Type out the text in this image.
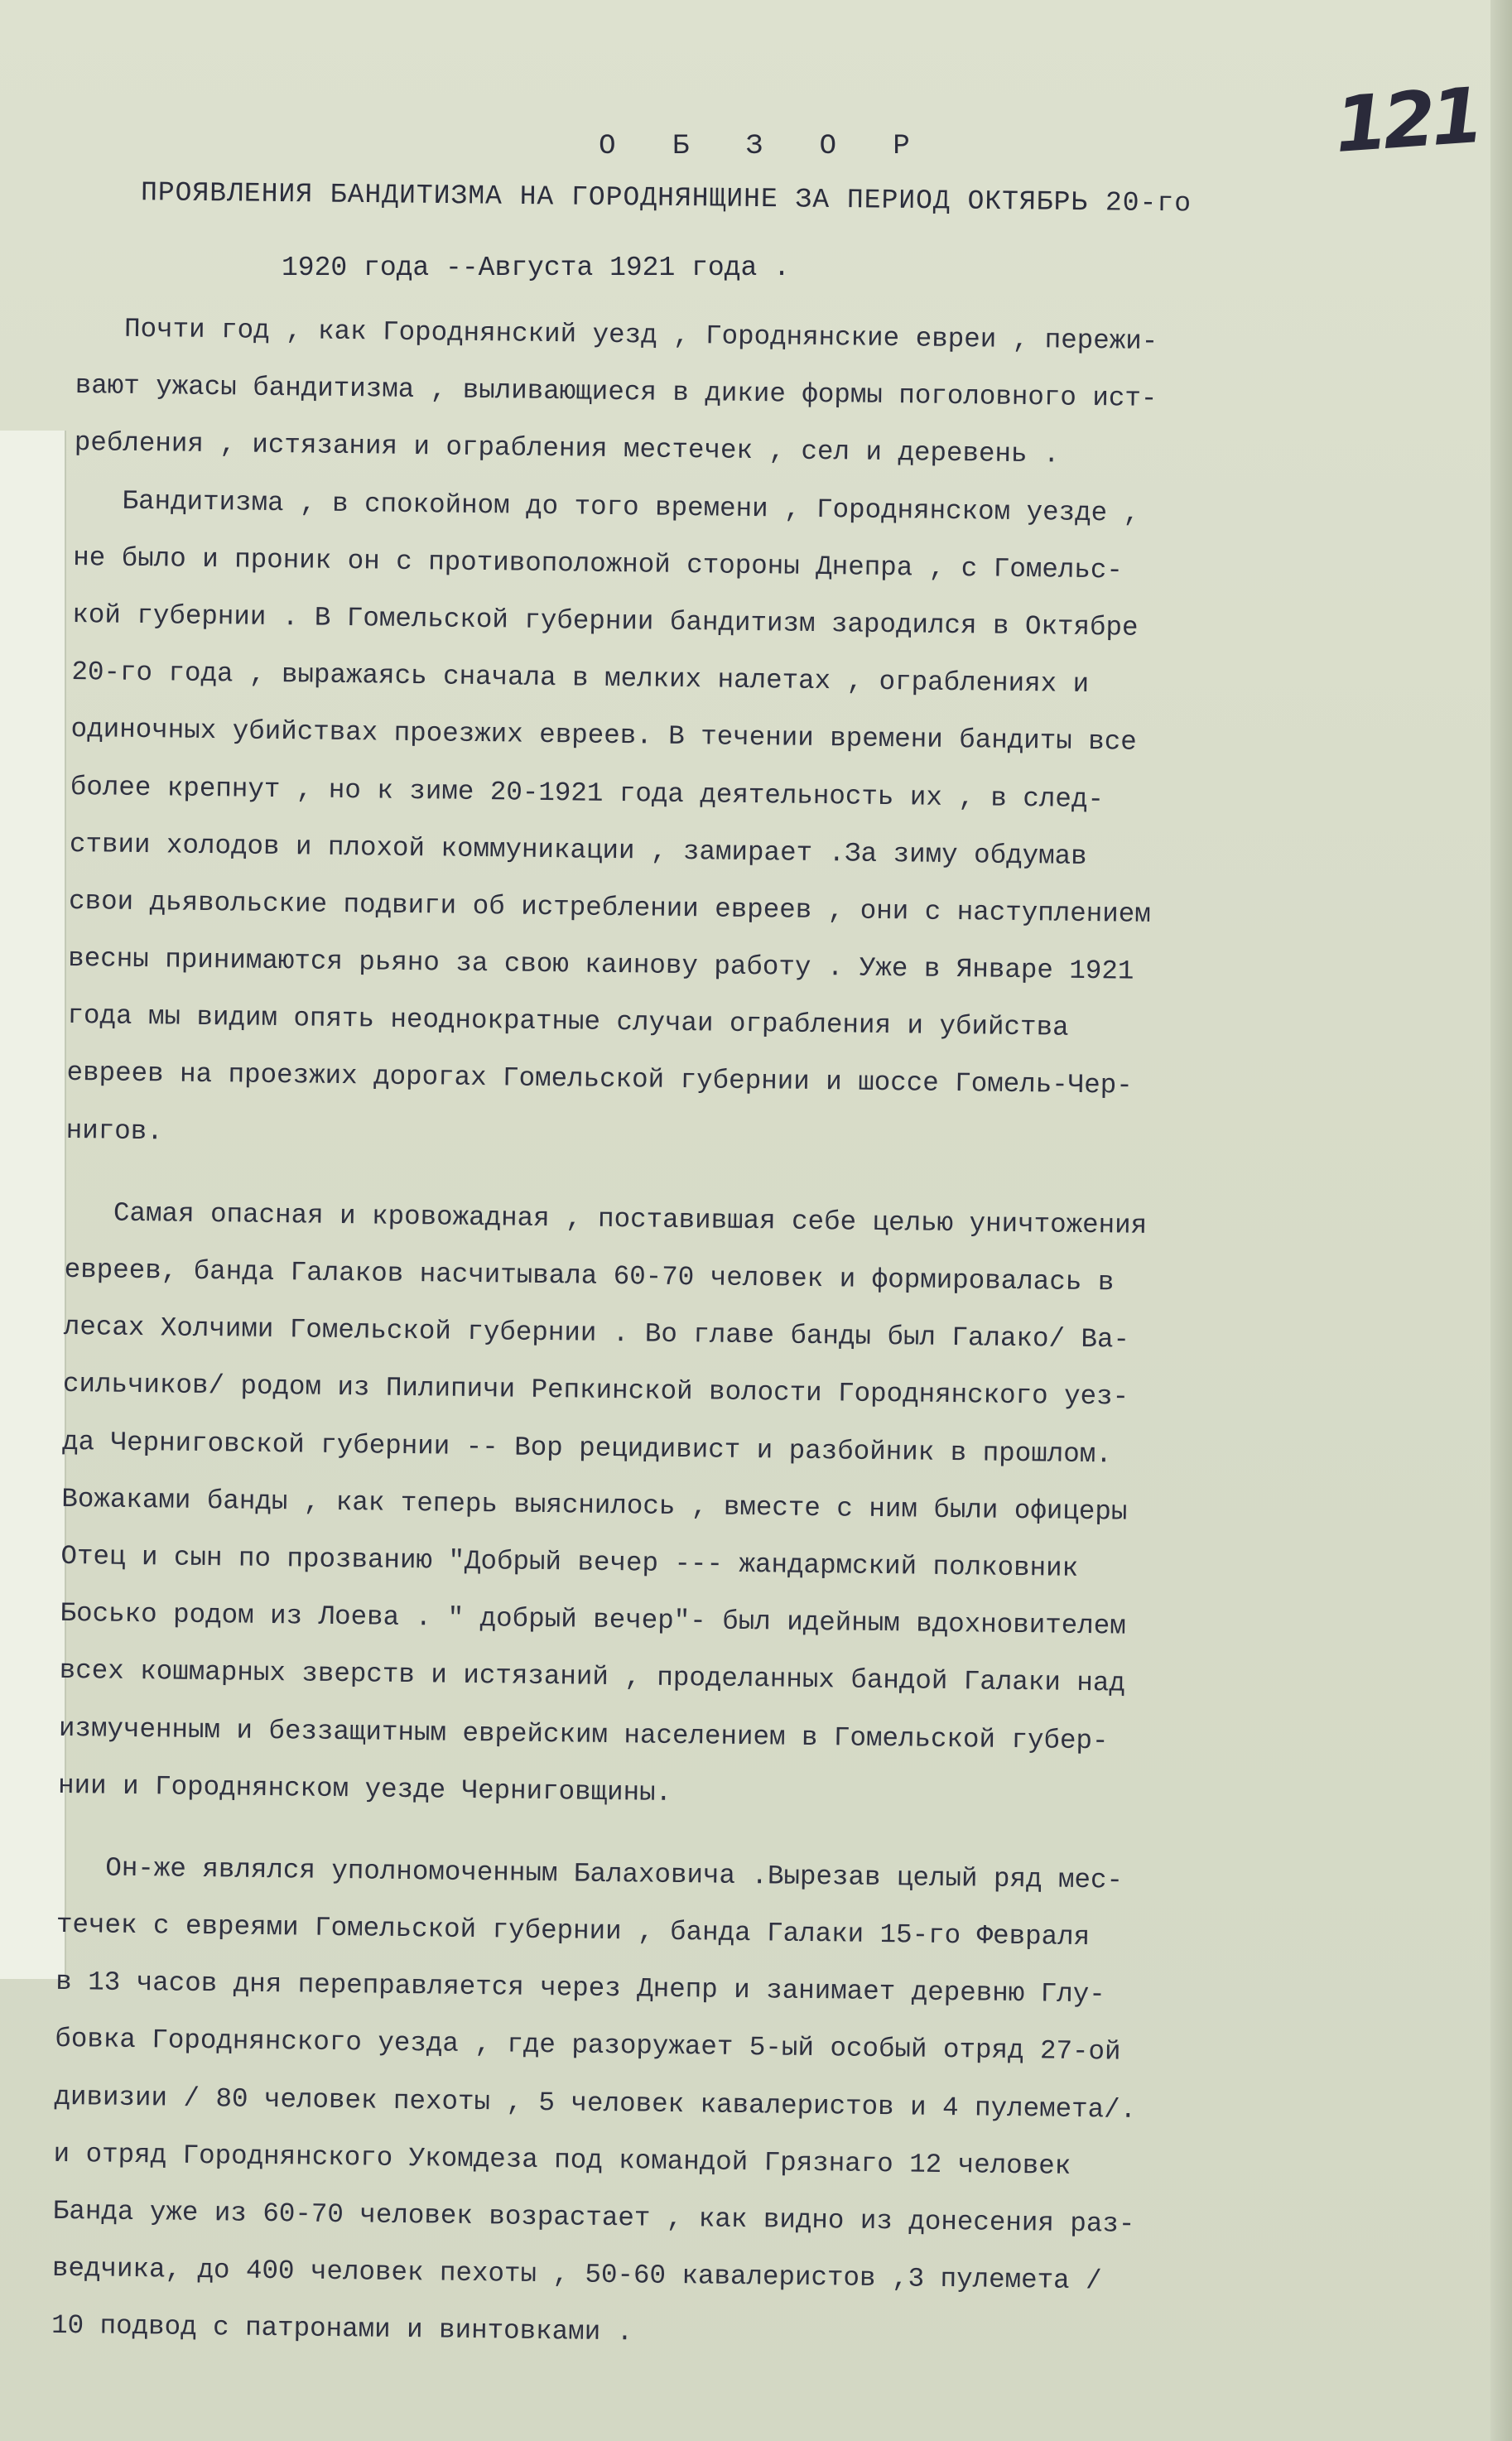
121
О Б З О Р
ПРОЯВЛЕНИЯ БАНДИТИЗМА НА ГОРОДНЯНЩИНЕ ЗА ПЕРИОД ОКТЯБРЬ 20-го
1920 года --Августа 1921 года .
Почти год , как Городнянский уезд , Городнянские евреи , пережи-
вают ужасы бандитизма , выливающиеся в дикие формы поголовного ист-
ребления , истязания и ограбления местечек , сел и деревень .
Бандитизма , в спокойном до того времени , Городнянском уезде ,
не было и проник он с противоположной стороны Днепра , с Гомельс-
кой губернии . В Гомельской губернии бандитизм зародился в Октябре
20-го года , выражаясь сначала в мелких налетах , ограблениях и
одиночных убийствах проезжих евреев. В течении времени бандиты все
более крепнут , но к зиме 20-1921 года деятельность их , в след-
ствии холодов и плохой коммуникации , замирает .За зиму обдумав
свои дьявольские подвиги об истреблении евреев , они с наступлением
весны принимаются рьяно за свою каинову работу . Уже в Январе 1921
года мы видим опять неоднократные случаи ограбления и убийства
евреев на проезжих дорогах Гомельской губернии и шоссе Гомель-Чер-
нигов.
Самая опасная и кровожадная , поставившая себе целью уничтожения
евреев, банда Галаков насчитывала 60-70 человек и формировалась в
лесах Холчими Гомельской губернии . Во главе банды был Галако/ Ва-
сильчиков/ родом из Пилипичи Репкинской волости Городнянского уез-
да Черниговской губернии -- Вор рецидивист и разбойник в прошлом.
Вожаками банды , как теперь выяснилось , вместе с ним были офицеры
Отец и сын по прозванию "Добрый вечер --- жандармский полковник
Босько родом из Лоева . " добрый вечер"- был идейным вдохновителем
всех кошмарных зверств и истязаний , проделанных бандой Галаки над
измученным и беззащитным еврейским населением в Гомельской губер-
нии и Городнянском уезде Черниговщины.
Он-же являлся уполномоченным Балаховича .Вырезав целый ряд мес-
течек с евреями Гомельской губернии , банда Галаки 15-го Февраля
в 13 часов дня переправляется через Днепр и занимает деревню Глу-
бовка Городнянского уезда , где разоружает 5-ый особый отряд 27-ой
дивизии / 80 человек пехоты , 5 человек кавалеристов и 4 пулемета/.
и отряд Городнянского Укомдеза под командой Грязнаго 12 человек
Банда уже из 60-70 человек возрастает , как видно из донесения раз-
ведчика, до 400 человек пехоты , 50-60 кавалеристов ,3 пулемета /
10 подвод с патронами и винтовками .
